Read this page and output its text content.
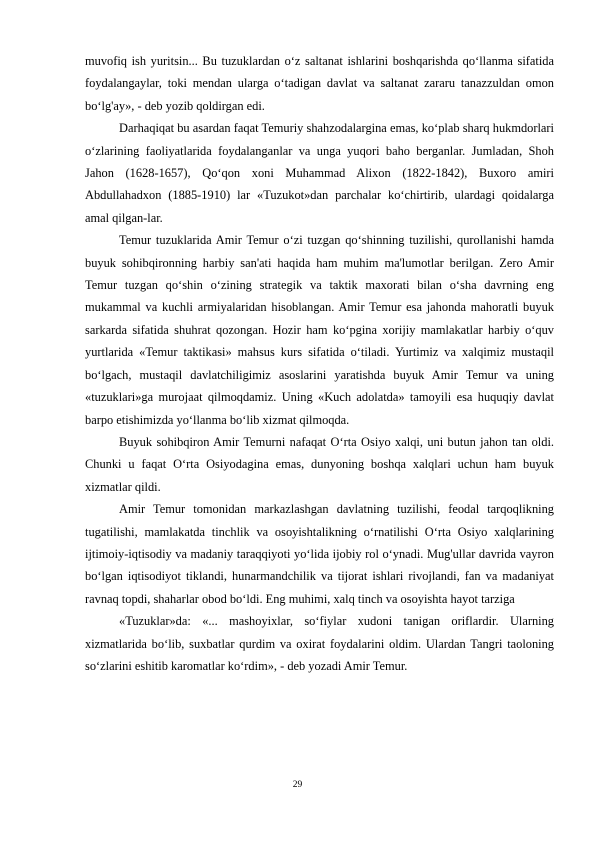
muvofiq ish yuritsin... Bu tuzuklardan o‘z saltanat ishlarini boshqarishda qo‘llanma sifatida foydalangaylar, toki mendan ularga o‘tadigan davlat va saltanat zararu tanazzuldan omon bo‘lg'ay», - deb yozib qoldirgan edi.

Darhaqiqat bu asardan faqat Temuriy shahzodalargina emas, ko‘plab sharq hukmdorlari o‘zlarining faoliyatlarida foydalanganlar va unga yuqori baho berganlar. Jumladan, Shoh Jahon (1628-1657), Qo‘qon xoni Muhammad Alixon (1822-1842), Buxoro amiri Abdullahadxon (1885-1910) lar «Tuzukot»dan parchalar ko‘chirtirib, ulardagi qoidalarga amal qilgan-lar.

Temur tuzuklarida Amir Temur o‘zi tuzgan qo‘shinning tuzilishi, qurollanishi hamda buyuk sohibqironning harbiy san'ati haqida ham muhim ma'lumotlar berilgan. Zero Amir Temur tuzgan qo‘shin o‘zining strategik va taktik maxorati bilan o‘sha davrning eng mukammal va kuchli armiyalaridan hisoblangan. Amir Temur esa jahonda mahoratli buyuk sarkarda sifatida shuhrat qozongan. Hozir ham ko‘pgina xorijiy mamlakatlar harbiy o‘quv yurtlarida «Temur taktikasi» mahsus kurs sifatida o‘tiladi. Yurtimiz va xalqimiz mustaqil bo‘lgach, mustaqil davlatchiligimiz asoslarini yaratishda buyuk Amir Temur va uning «tuzuklari»ga murojaat qilmoqdamiz. Uning «Kuch adolatda» tamoyili esa huquqiy davlat barpo etishimizda yo‘llanma bo‘lib xizmat qilmoqda.

Buyuk sohibqiron Amir Temurni nafaqat O‘rta Osiyo xalqi, uni butun jahon tan oldi. Chunki u faqat O‘rta Osiyodagina emas, dunyoning boshqa xalqlari uchun ham buyuk xizmatlar qildi.

Amir Temur tomonidan markazlashgan davlatning tuzilishi, feodal tarqoqlikning tugatilishi, mamlakatda tinchlik va osoyishtalikning o‘rnatilishi O‘rta Osiyo xalqlarining ijtimoiy-iqtisodiy va madaniy taraqqiyoti yo‘lida ijobiy rol o‘ynadi. Mug'ullar davrida vayron bo‘lgan iqtisodiyot tiklandi, hunarmandchilik va tijorat ishlari rivojlandi, fan va madaniyat ravnaq topdi, shaharlar obod bo‘ldi. Eng muhimi, xalq tinch va osoyishta hayot tarziga

«Tuzuklar»da: «... mashoyixlar, so‘fiylar xudoni tanigan oriflardir. Ularning xizmatlarida bo‘lib, suxbatlar qurdim va oxirat foydalarini oldim. Ulardan Tangri taoloning so‘zlarini eshitib karomatlar ko‘rdim», - deb yozadi Amir Temur.

29
